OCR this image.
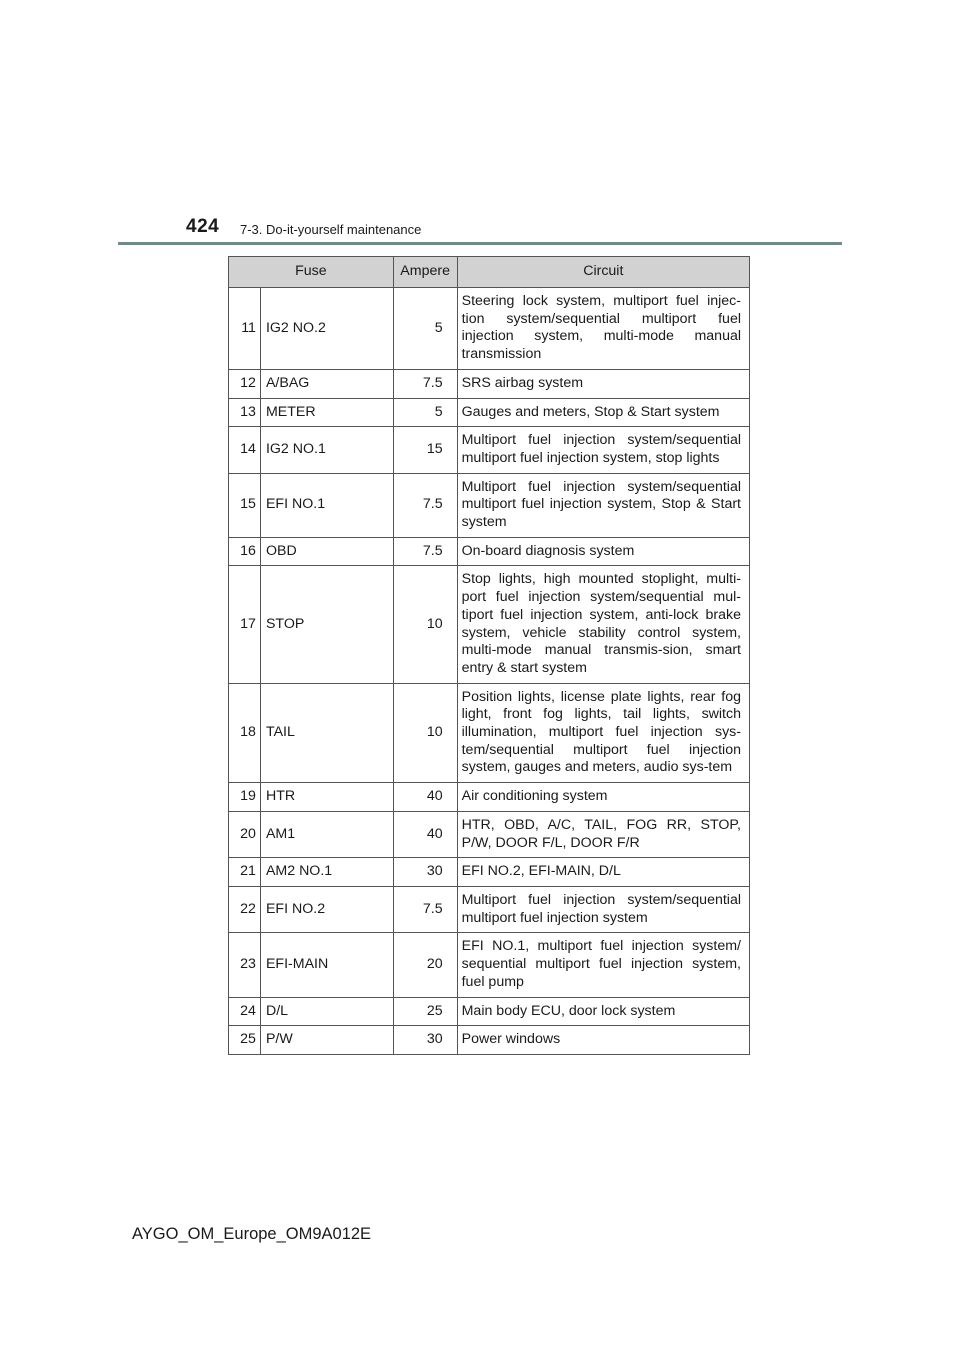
424 7-3. Do-it-yourself maintenance
Fuse		Ampere	Circuit
11	IG2 NO.2	5	Steering lock system, multiport fuel injec-tion system/sequential multiport fuel injection system, multi-mode manual transmission
12	A/BAG	7.5	SRS airbag system
13	METER	5	Gauges and meters, Stop & Start system
14	IG2 NO.1	15	Multiport fuel injection system/sequential multiport fuel injection system, stop lights
15	EFI NO.1	7.5	Multiport fuel injection system/sequential multiport fuel injection system, Stop & Start system
16	OBD	7.5	On-board diagnosis system
17	STOP	10	Stop lights, high mounted stoplight, multi-port fuel injection system/sequential mul-tiport fuel injection system, anti-lock brake system, vehicle stability control system, multi-mode manual transmis-sion, smart entry & start system
18	TAIL	10	Position lights, license plate lights, rear fog light, front fog lights, tail lights, switch illumination, multiport fuel injection sys-tem/sequential multiport fuel injection system, gauges and meters, audio sys-tem
19	HTR	40	Air conditioning system
20	AM1	40	HTR, OBD, A/C, TAIL, FOG RR, STOP, P/W, DOOR F/L, DOOR F/R
21	AM2 NO.1	30	EFI NO.2, EFI-MAIN, D/L
22	EFI NO.2	7.5	Multiport fuel injection system/sequential multiport fuel injection system
23	EFI-MAIN	20	EFI NO.1, multiport fuel injection system/ sequential multiport fuel injection system, fuel pump
24	D/L	25	Main body ECU, door lock system
25	P/W	30	Power windows
AYGO_OM_Europe_OM9A012E
